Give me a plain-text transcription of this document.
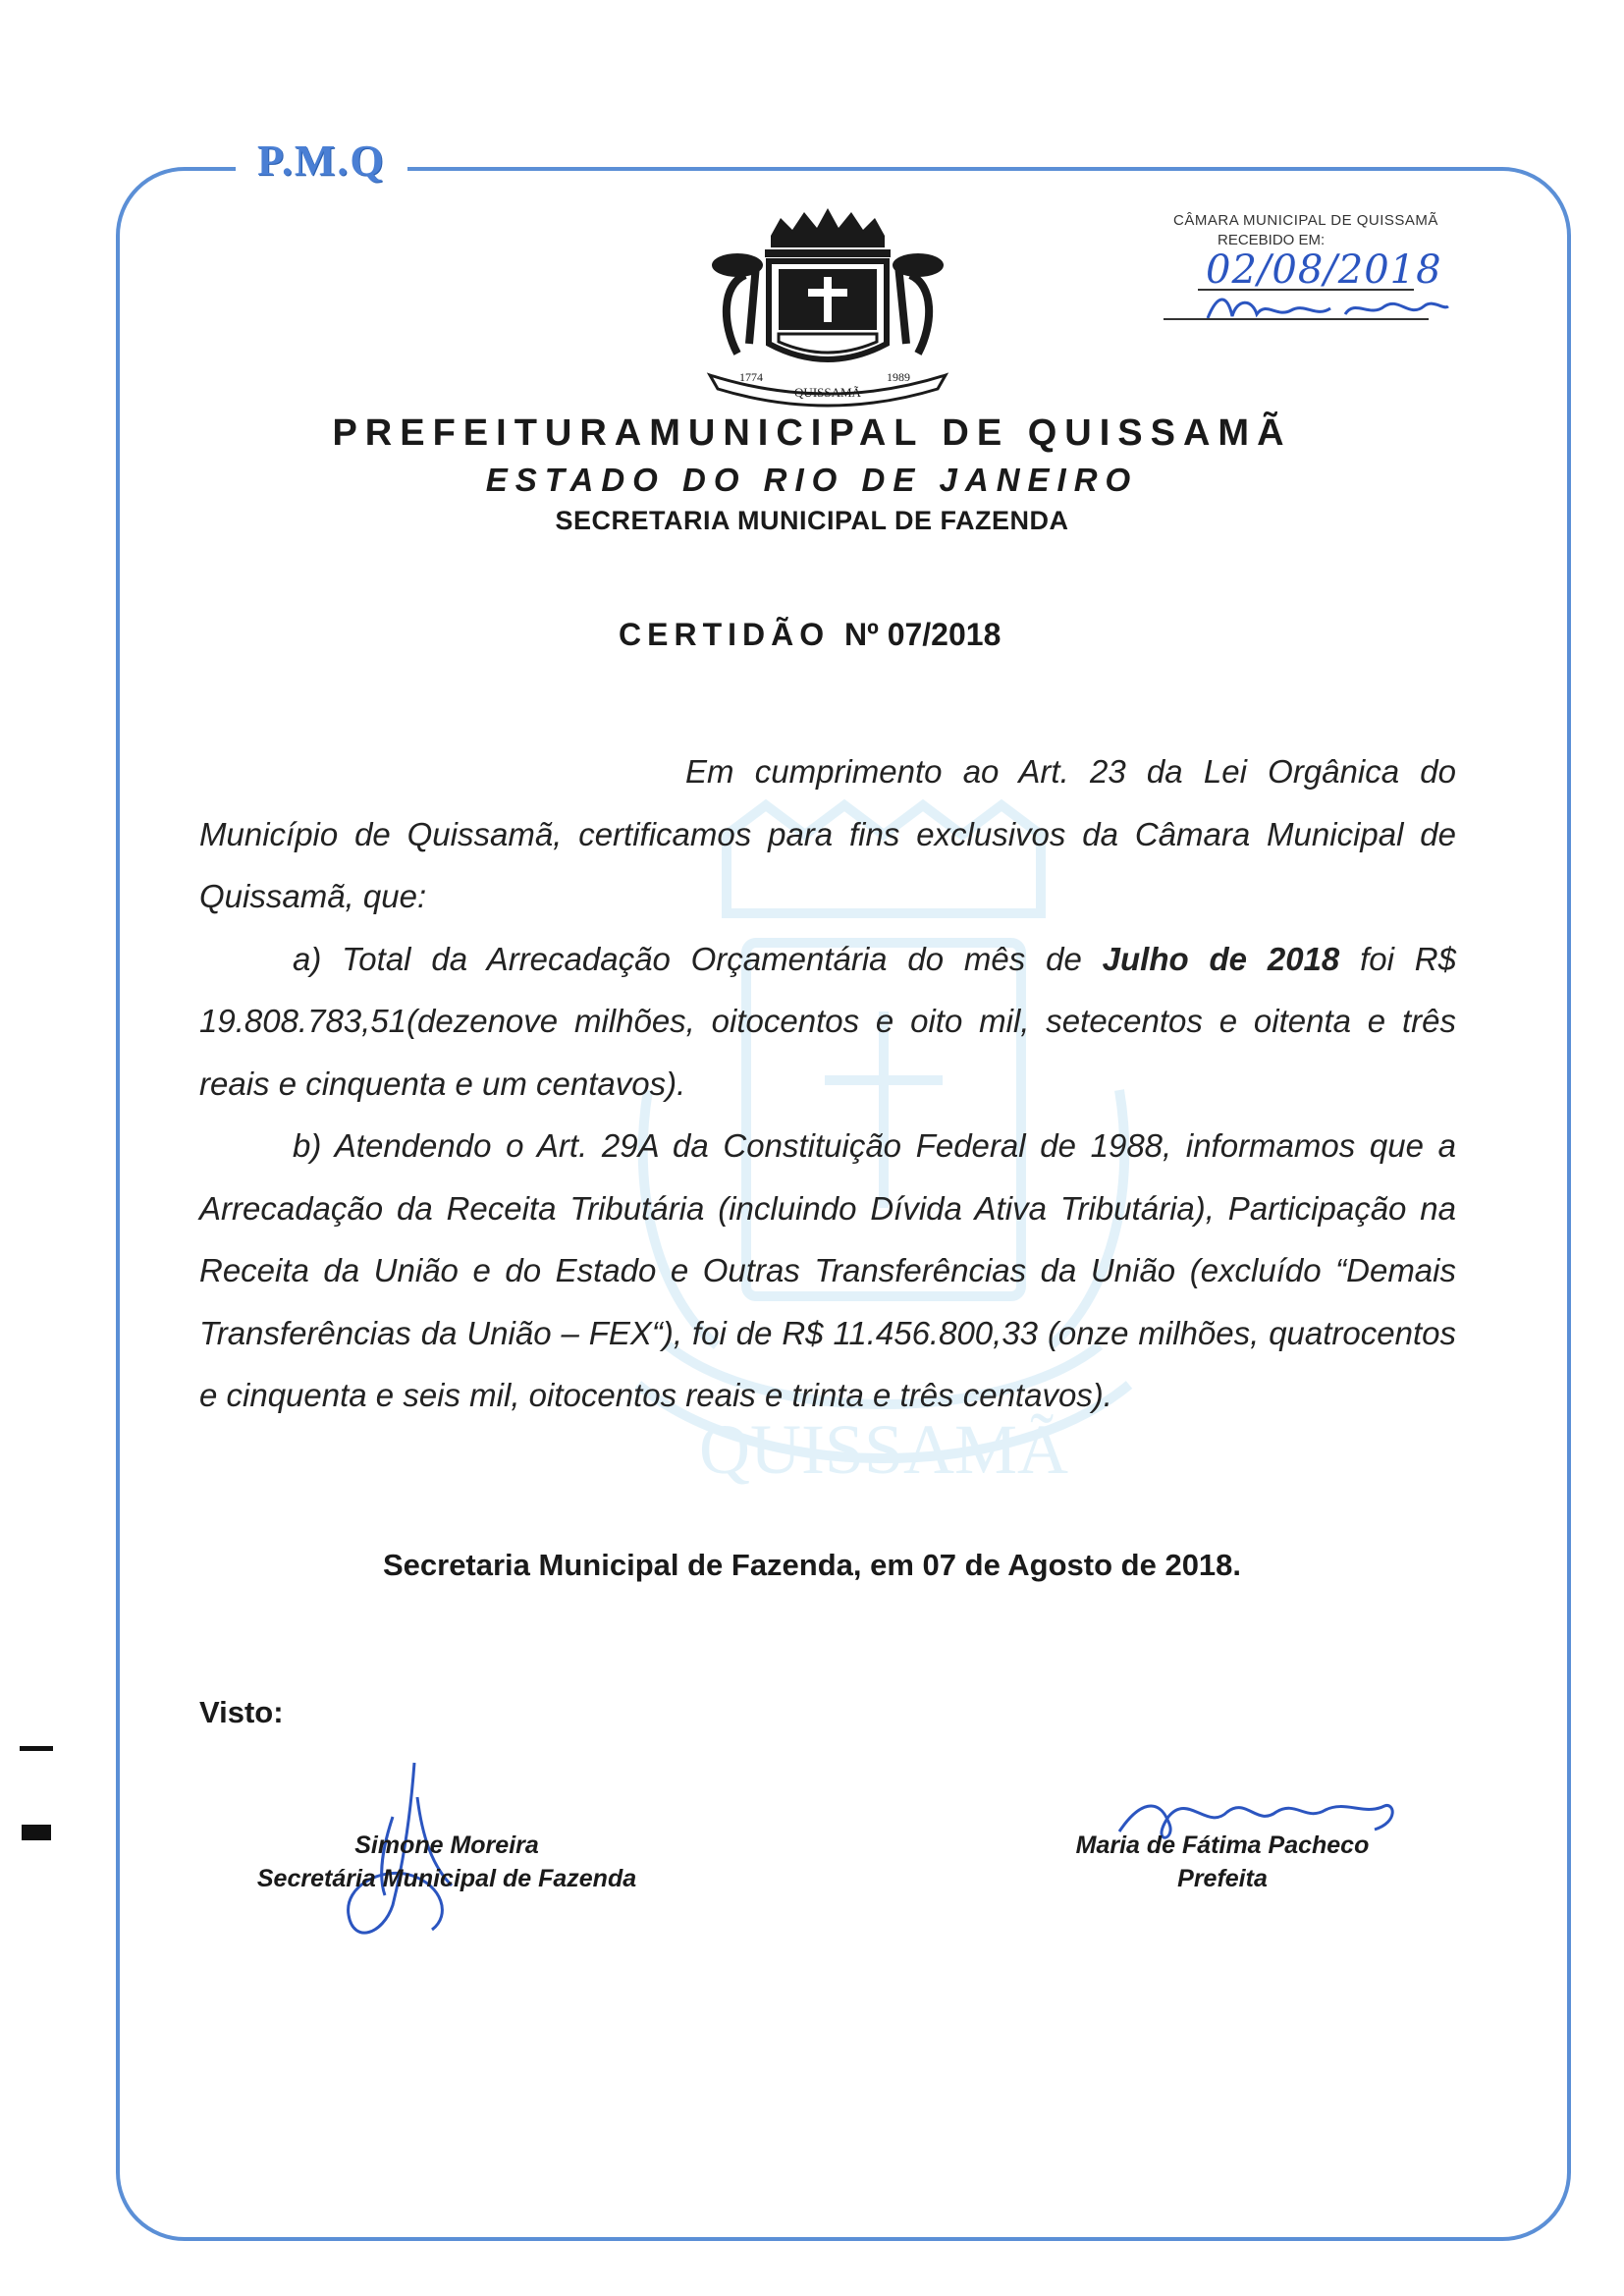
P.M.Q
QUISSAMÃ
1774
QUISSAMÃ
1989
CÂMARA MUNICIPAL DE QUISSAMÃ
RECEBIDO EM:
02/08/2018
PREFEITURAMUNICIPAL DE QUISSAMÃ
ESTADO DO RIO DE JANEIRO
SECRETARIA MUNICIPAL DE FAZENDA
CERTIDÃO Nº 07/2018

Em cumprimento ao Art. 23 da Lei Orgânica do Município de Quissamã, certificamos para fins exclusivos da Câmara Municipal de Quissamã, que:

a) Total da Arrecadação Orçamentária do mês de Julho de 2018 foi R$ 19.808.783,51(dezenove milhões, oitocentos e oito mil, setecentos e oitenta e três reais e cinquenta e um centavos).

b) Atendendo o Art. 29A da Constituição Federal de 1988, informamos que a Arrecadação da Receita Tributária (incluindo Dívida Ativa Tributária), Participação na Receita da União e do Estado e Outras Transferências da União (excluído “Demais Transferências da União – FEX“), foi de R$ 11.456.800,33 (onze milhões, quatrocentos e cinquenta e seis mil, oitocentos reais e trinta e três centavos).

Secretaria Municipal de Fazenda, em 07 de Agosto de 2018.
Visto:
Simone Moreira
Secretária Municipal de Fazenda
Maria de Fátima Pacheco
Prefeita
